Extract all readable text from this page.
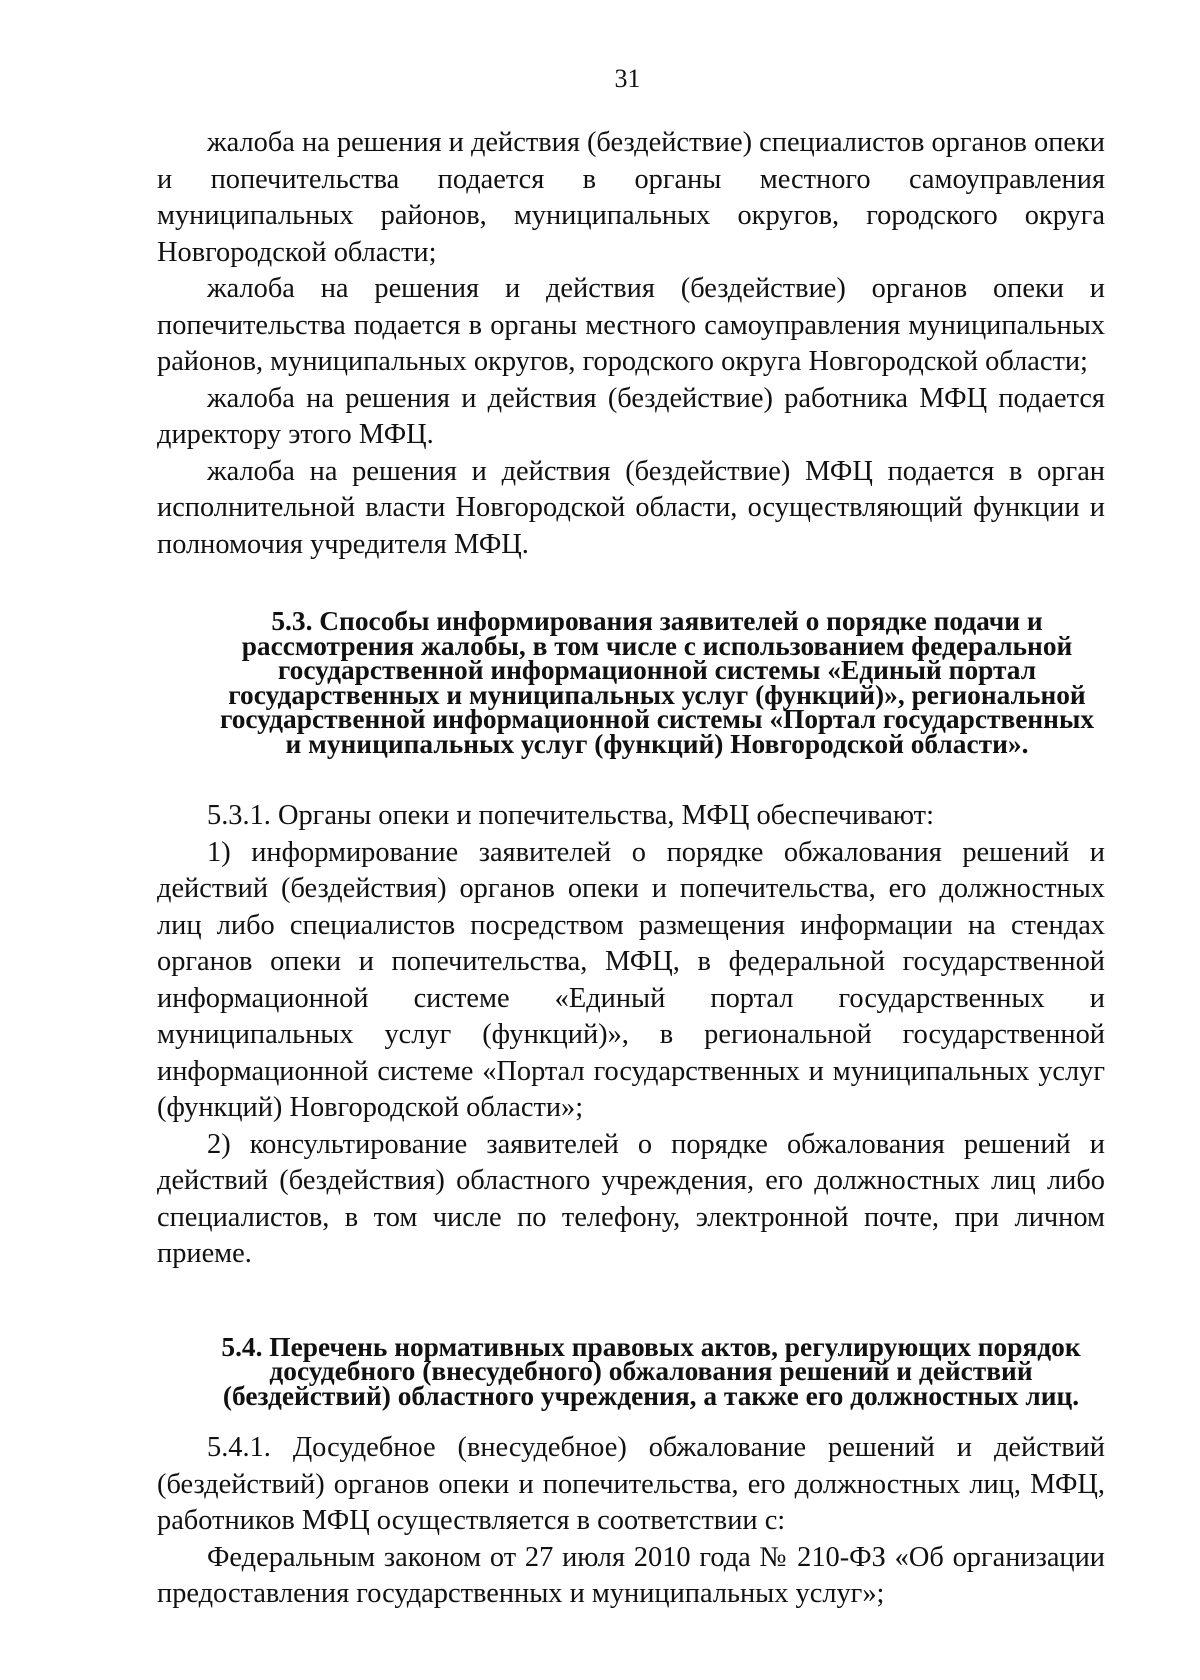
31

жалоба на решения и действия (бездействие) специалистов органов опеки и попечительства подается в органы местного самоуправления муниципальных районов, муниципальных округов, городского округа Новгородской области;

жалоба на решения и действия (бездействие) органов опеки и попечительства подается в органы местного самоуправления муниципальных районов, муниципальных округов, городского округа Новгородской области;

жалоба на решения и действия (бездействие) работника МФЦ подается директору этого МФЦ.

жалоба на решения и действия (бездействие) МФЦ подается в орган исполнительной власти Новгородской области, осуществляющий функции и полномочия учредителя МФЦ.

5.3. Способы информирования заявителей о порядке подачи и рассмотрения жалобы, в том числе с использованием федеральной государственной информационной системы «Единый портал государственных и муниципальных услуг (функций)», региональной государственной информационной системы «Портал государственных и муниципальных услуг (функций) Новгородской области».

5.3.1. Органы опеки и попечительства, МФЦ обеспечивают:

1) информирование заявителей о порядке обжалования решений и действий (бездействия) органов опеки и попечительства, его должностных лиц либо специалистов посредством размещения информации на стендах органов опеки и попечительства, МФЦ, в федеральной государственной информационной системе «Единый портал государственных и муниципальных услуг (функций)», в региональной государственной информационной системе «Портал государственных и муниципальных услуг (функций) Новгородской области»;

2) консультирование заявителей о порядке обжалования решений и действий (бездействия) областного учреждения, его должностных лиц либо специалистов, в том числе по телефону, электронной почте, при личном приеме.

5.4. Перечень нормативных правовых актов, регулирующих порядок досудебного (внесудебного) обжалования решений и действий (бездействий) областного учреждения, а также его должностных лиц.

5.4.1. Досудебное (внесудебное) обжалование решений и действий (бездействий) органов опеки и попечительства, его должностных лиц, МФЦ, работников МФЦ осуществляется в соответствии с:

Федеральным законом от 27 июля 2010 года № 210-ФЗ «Об организации предоставления государственных и муниципальных услуг»;
